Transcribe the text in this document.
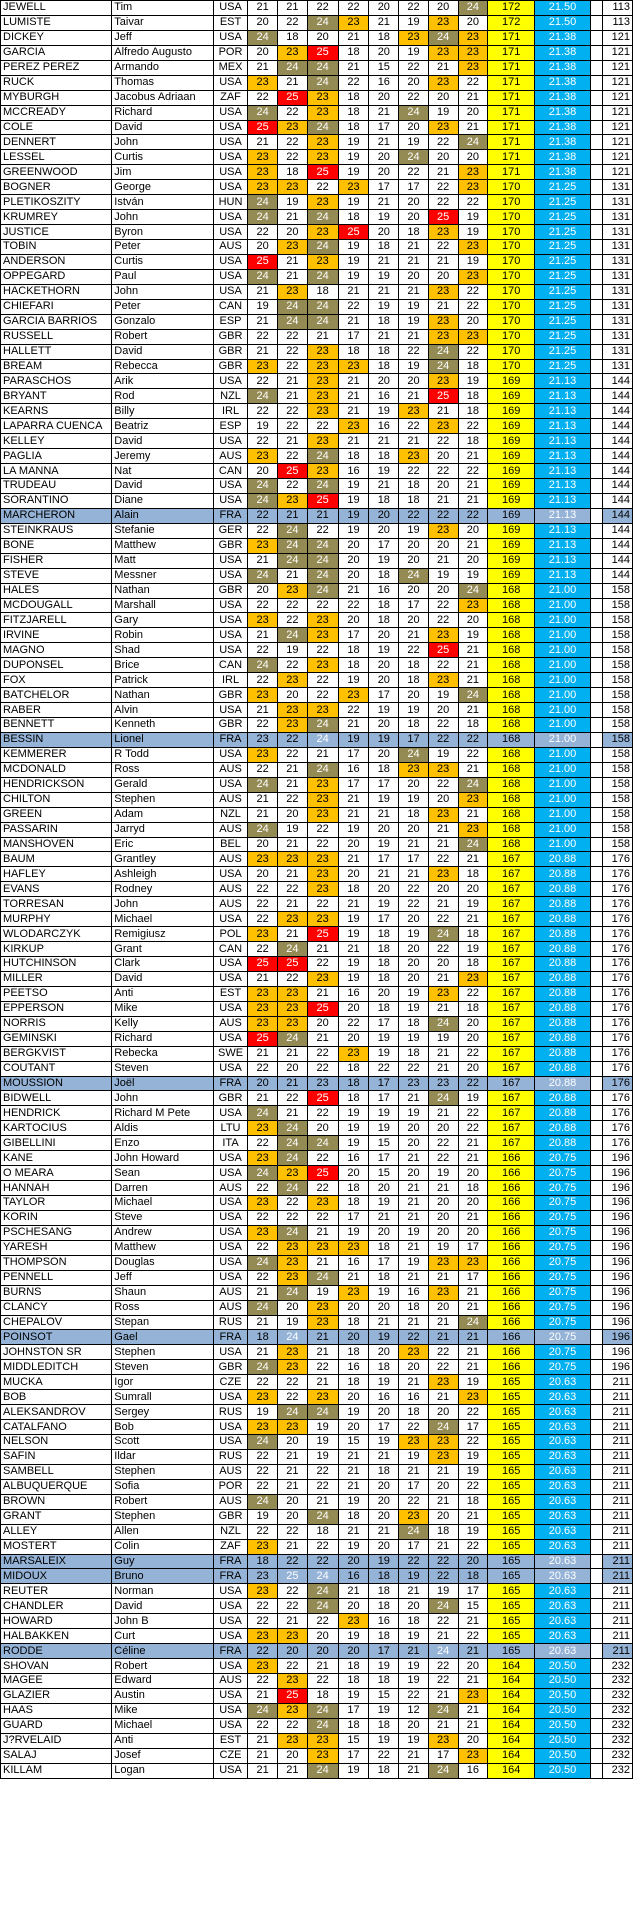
JEWELL	Tim	USA	21	21	22	22	20	22	20	24	172	21.50		113
LUMISTE	Taivar	EST	20	22	24	23	21	19	23	20	172	21.50		113
DICKEY	Jeff	USA	24	18	20	21	18	23	24	23	171	21.38		121
GARCIA	Alfredo Augusto	POR	20	23	25	18	20	19	23	23	171	21.38		121
PEREZ PEREZ	Armando	MEX	21	24	24	21	15	22	21	23	171	21.38		121
RUCK	Thomas	USA	23	21	24	22	16	20	23	22	171	21.38		121
MYBURGH	Jacobus Adriaan	ZAF	22	25	23	18	20	22	20	21	171	21.38		121
MCCREADY	Richard	USA	24	22	23	18	21	24	19	20	171	21.38		121
COLE	David	USA	25	23	24	18	17	20	23	21	171	21.38		121
DENNERT	John	USA	21	22	23	19	21	19	22	24	171	21.38		121
LESSEL	Curtis	USA	23	22	23	19	20	24	20	20	171	21.38		121
GREENWOOD	Jim	USA	23	18	25	19	20	22	21	23	171	21.38		121
BOGNER	George	USA	23	23	22	23	17	17	22	23	170	21.25		131
PLETIKOSZITY	István	HUN	24	19	23	19	21	20	22	22	170	21.25		131
KRUMREY	John	USA	24	21	24	18	19	20	25	19	170	21.25		131
JUSTICE	Byron	USA	22	20	23	25	20	18	23	19	170	21.25		131
TOBIN	Peter	AUS	20	23	24	19	18	21	22	23	170	21.25		131
ANDERSON	Curtis	USA	25	21	23	19	21	21	21	19	170	21.25		131
OPPEGARD	Paul	USA	24	21	24	19	19	20	20	23	170	21.25		131
HACKETHORN	John	USA	21	23	18	21	21	21	23	22	170	21.25		131
CHIEFARI	Peter	CAN	19	24	24	22	19	19	21	22	170	21.25		131
GARCIA BARRIOS	Gonzalo	ESP	21	24	24	21	18	19	23	20	170	21.25		131
RUSSELL	Robert	GBR	22	22	21	17	21	21	23	23	170	21.25		131
HALLETT	David	GBR	21	22	23	18	18	22	24	22	170	21.25		131
BREAM	Rebecca	GBR	23	22	23	23	18	19	24	18	170	21.25		131
PARASCHOS	Arik	USA	22	21	23	21	20	20	23	19	169	21.13		144
BRYANT	Rod	NZL	24	21	23	21	16	21	25	18	169	21.13		144
KEARNS	Billy	IRL	22	22	23	21	19	23	21	18	169	21.13		144
LAPARRA CUENCA	Beatriz	ESP	19	22	22	23	16	22	23	22	169	21.13		144
KELLEY	David	USA	22	21	23	21	21	21	22	18	169	21.13		144
PAGLIA	Jeremy	AUS	23	22	24	18	18	23	20	21	169	21.13		144
LA MANNA	Nat	CAN	20	25	23	16	19	22	22	22	169	21.13		144
TRUDEAU	David	USA	24	22	24	19	21	18	20	21	169	21.13		144
SORANTINO	Diane	USA	24	23	25	19	18	18	21	21	169	21.13		144
MARCHERON	Alain	FRA	22	21	21	19	20	22	22	22	169	21.13		144
STEINKRAUS	Stefanie	GER	22	24	22	19	20	19	23	20	169	21.13		144
BONE	Matthew	GBR	23	24	24	20	17	20	20	21	169	21.13		144
FISHER	Matt	USA	21	24	24	20	19	20	21	20	169	21.13		144
STEVE	Messner	USA	24	21	24	20	18	24	19	19	169	21.13		144
HALES	Nathan	GBR	20	23	24	21	16	20	20	24	168	21.00		158
MCDOUGALL	Marshall	USA	22	22	22	22	18	17	22	23	168	21.00		158
FITZJARELL	Gary	USA	23	22	23	20	18	20	22	20	168	21.00		158
IRVINE	Robin	USA	21	24	23	17	20	21	23	19	168	21.00		158
MAGNO	Shad	USA	22	19	22	18	19	22	25	21	168	21.00		158
DUPONSEL	Brice	CAN	24	22	23	18	20	18	22	21	168	21.00		158
FOX	Patrick	IRL	22	23	22	19	20	18	23	21	168	21.00		158
BATCHELOR	Nathan	GBR	23	20	22	23	17	20	19	24	168	21.00		158
RABER	Alvin	USA	21	23	23	22	19	19	20	21	168	21.00		158
BENNETT	Kenneth	GBR	22	23	24	21	20	18	22	18	168	21.00		158
BESSIN	Lionel	FRA	23	22	24	19	19	17	22	22	168	21.00		158
KEMMERER	R Todd	USA	23	22	21	17	20	24	19	22	168	21.00		158
MCDONALD	Ross	AUS	22	21	24	16	18	23	23	21	168	21.00		158
HENDRICKSON	Gerald	USA	24	21	23	17	17	20	22	24	168	21.00		158
CHILTON	Stephen	AUS	21	22	23	21	19	19	20	23	168	21.00		158
GREEN	Adam	NZL	21	20	23	21	21	18	23	21	168	21.00		158
PASSARIN	Jarryd	AUS	24	19	22	19	20	20	21	23	168	21.00		158
MANSHOVEN	Eric	BEL	20	21	22	20	19	21	21	24	168	21.00		158
BAUM	Grantley	AUS	23	23	23	21	17	17	22	21	167	20.88		176
HAFLEY	Ashleigh	USA	20	21	23	20	21	21	23	18	167	20.88		176
EVANS	Rodney	AUS	22	22	23	18	20	22	20	20	167	20.88		176
TORRESAN	John	AUS	22	21	22	21	19	22	21	19	167	20.88		176
MURPHY	Michael	USA	22	23	23	19	17	20	22	21	167	20.88		176
WLODARCZYK	Remigiusz	POL	23	21	25	19	18	19	24	18	167	20.88		176
KIRKUP	Grant	CAN	22	24	21	21	18	20	22	19	167	20.88		176
HUTCHINSON	Clark	USA	25	25	22	19	18	20	20	18	167	20.88		176
MILLER	David	USA	21	22	23	19	18	20	21	23	167	20.88		176
PEETSO	Anti	EST	23	23	21	16	20	19	23	22	167	20.88		176
EPPERSON	Mike	USA	23	23	25	20	18	19	21	18	167	20.88		176
NORRIS	Kelly	AUS	23	23	20	22	17	18	24	20	167	20.88		176
GEMINSKI	Richard	USA	25	24	21	20	19	19	19	20	167	20.88		176
BERGKVIST	Rebecka	SWE	21	21	22	23	19	18	21	22	167	20.88		176
COUTANT	Steven	USA	22	20	22	18	22	22	21	20	167	20.88		176
MOUSSION	Joël	FRA	20	21	23	18	17	23	23	22	167	20.88		176
BIDWELL	John	GBR	21	22	25	18	17	21	24	19	167	20.88		176
HENDRICK	Richard M Pete	USA	24	21	22	19	19	19	21	22	167	20.88		176
KARTOCIUS	Aldis	LTU	23	24	20	19	19	20	20	22	167	20.88		176
GIBELLINI	Enzo	ITA	22	24	24	19	15	20	22	21	167	20.88		176
KANE	John Howard	USA	23	24	22	16	17	21	22	21	166	20.75		196
O MEARA	Sean	USA	24	23	25	20	15	20	19	20	166	20.75		196
HANNAH	Darren	AUS	22	24	22	18	20	21	21	18	166	20.75		196
TAYLOR	Michael	USA	23	22	23	18	19	21	20	20	166	20.75		196
KORIN	Steve	USA	22	22	22	17	21	21	20	21	166	20.75		196
PSCHESANG	Andrew	USA	23	24	21	19	20	19	20	20	166	20.75		196
YARESH	Matthew	USA	22	23	23	23	18	21	19	17	166	20.75		196
THOMPSON	Douglas	USA	24	23	21	16	17	19	23	23	166	20.75		196
PENNELL	Jeff	USA	22	23	24	21	18	21	21	17	166	20.75		196
BURNS	Shaun	AUS	21	24	19	23	19	16	23	21	166	20.75		196
CLANCY	Ross	AUS	24	20	23	20	20	18	20	21	166	20.75		196
CHEPALOV	Stepan	RUS	21	19	23	18	21	21	21	24	166	20.75		196
POINSOT	Gael	FRA	18	24	21	20	19	22	21	21	166	20.75		196
JOHNSTON SR	Stephen	USA	21	23	21	18	20	23	22	21	166	20.75		196
MIDDLEDITCH	Steven	GBR	24	23	22	16	18	20	22	21	166	20.75		196
MUCKA	Igor	CZE	22	22	21	18	19	21	23	19	165	20.63		211
BOB	Sumrall	USA	23	22	23	20	16	16	21	23	165	20.63		211
ALEKSANDROV	Sergey	RUS	19	24	24	19	20	18	20	22	165	20.63		211
CATALFANO	Bob	USA	23	23	19	20	17	22	24	17	165	20.63		211
NELSON	Scott	USA	24	20	19	15	19	23	23	22	165	20.63		211
SAFIN	Ildar	RUS	22	21	19	21	21	19	23	19	165	20.63		211
SAMBELL	Stephen	AUS	22	21	22	21	18	21	21	19	165	20.63		211
ALBUQUERQUE	Sofia	POR	22	21	22	21	20	17	20	22	165	20.63		211
BROWN	Robert	AUS	24	20	21	19	20	22	21	18	165	20.63		211
GRANT	Stephen	GBR	19	20	24	18	20	23	20	21	165	20.63		211
ALLEY	Allen	NZL	22	22	18	21	21	24	18	19	165	20.63		211
MOSTERT	Colin	ZAF	23	21	22	19	20	17	21	22	165	20.63		211
MARSALEIX	Guy	FRA	18	22	22	20	19	22	22	20	165	20.63		211
MIDOUX	Bruno	FRA	23	25	24	16	18	19	22	18	165	20.63		211
REUTER	Norman	USA	23	22	24	21	18	21	19	17	165	20.63		211
CHANDLER	David	USA	22	22	24	20	18	20	24	15	165	20.63		211
HOWARD	John B	USA	22	21	22	23	16	18	22	21	165	20.63		211
HALBAKKEN	Curt	USA	23	23	20	19	18	19	21	22	165	20.63		211
RODDE	Céline	FRA	22	20	20	20	17	21	24	21	165	20.63		211
SHOVAN	Robert	USA	23	22	21	18	19	19	22	20	164	20.50		232
MAGEE	Edward	AUS	22	23	22	18	18	19	22	21	164	20.50		232
GLAZIER	Austin	USA	21	25	18	19	15	22	21	23	164	20.50		232
HAAS	Mike	USA	24	23	24	17	19	12	24	21	164	20.50		232
GUARD	Michael	USA	22	22	24	18	18	20	21	21	164	20.50		232
J?RVELAID	Anti	EST	21	23	23	15	19	19	23	20	164	20.50		232
SALAJ	Josef	CZE	21	20	23	17	22	21	17	23	164	20.50		232
KILLAM	Logan	USA	21	21	24	19	18	21	24	16	164	20.50		232
